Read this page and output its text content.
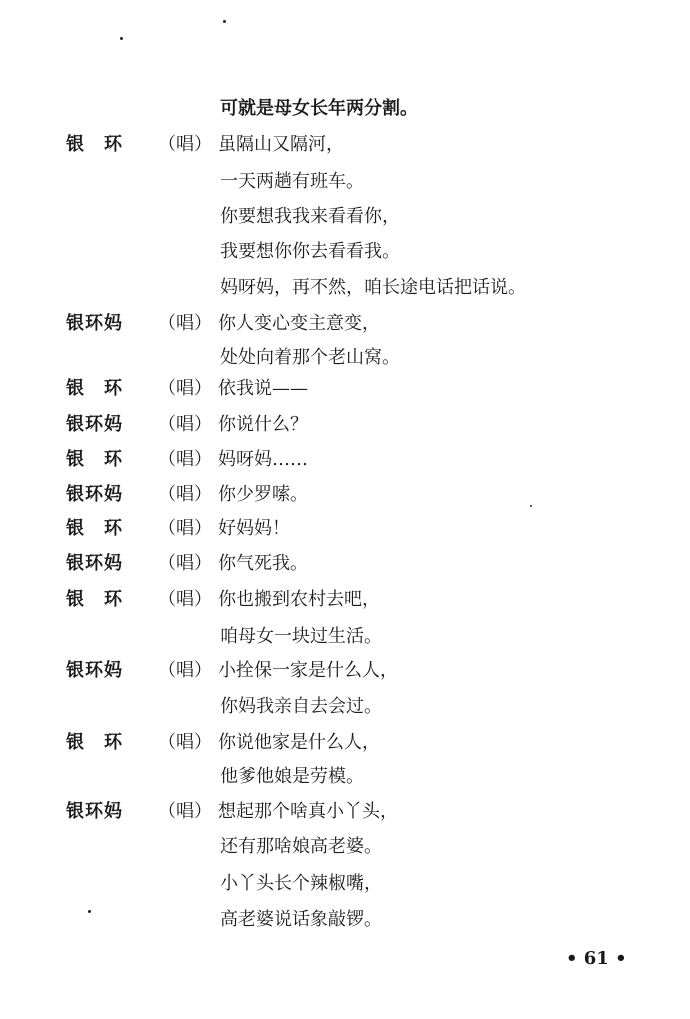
可就是母女长年两分割。
银　环 （唱） 虽隔山又隔河，
一天两趟有班车。
你要想我我来看看你，
我要想你你去看看我。
妈呀妈，再不然，咱长途电话把话说。
银环妈 （唱） 你人变心变主意变，
处处向着那个老山窝。
银　环 （唱） 依我说——
银环妈 （唱） 你说什么？
银　环 （唱） 妈呀妈……
银环妈 （唱） 你少罗嗦。
银　环 （唱） 好妈妈！
银环妈 （唱） 你气死我。
银　环 （唱） 你也搬到农村去吧，
咱母女一块过生活。
银环妈 （唱） 小拴保一家是什么人，
你妈我亲自去会过。
银　环 （唱） 你说他家是什么人，
他爹他娘是劳模。
银环妈 （唱） 想起那个啥真小丫头，
还有那啥娘高老婆。
小丫头长个辣椒嘴，
高老婆说话象敲锣。
• 61 •
